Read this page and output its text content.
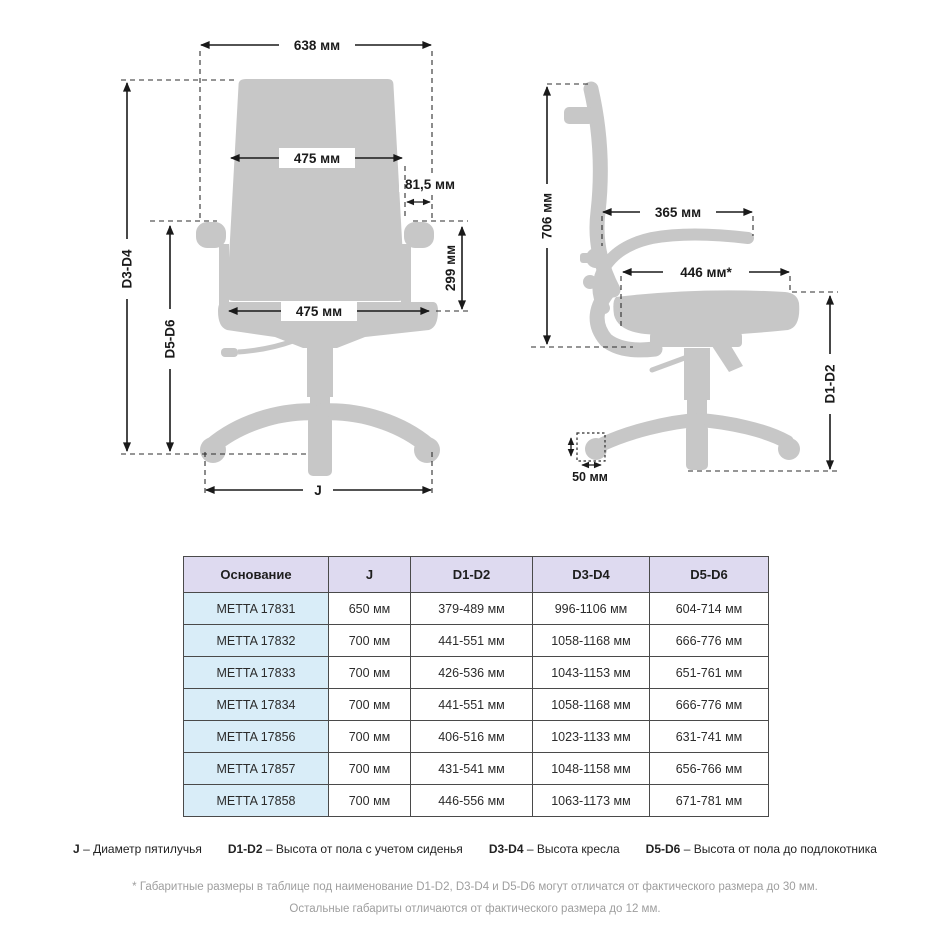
638 мм
475 мм
81,5 мм
D3-D4
D5-D6
299 мм
475 мм
J
706 мм	365 мм
446 мм*
D1-D2
50 мм
Основание	J	D1-D2	D3-D4	D5-D6
METTA 17831	650 мм	379-489 мм	996-1106 мм	604-714 мм
METTA 17832	700 мм	441-551 мм	1058-1168 мм	666-776 мм
METTA 17833	700 мм	426-536 мм	1043-1153 мм	651-761 мм
METTA 17834	700 мм	441-551 мм	1058-1168 мм	666-776 мм
METTA 17856	700 мм	406-516 мм	1023-1133 мм	631-741 мм
METTA 17857	700 мм	431-541 мм	1048-1158 мм	656-766 мм
METTA 17858	700 мм	446-556 мм	1063-1173 мм	671-781 мм
J – Диаметр пятилучья D1-D2 – Высота от пола с учетом сиденья D3-D4 – Высота кресла D5-D6 – Высота от пола до подлокотника

* Габаритные размеры в таблице под наименование D1-D2, D3-D4 и D5-D6 могут отличатся от фактического размера до 30 мм.

Остальные габариты отличаются от фактического размера до 12 мм.
